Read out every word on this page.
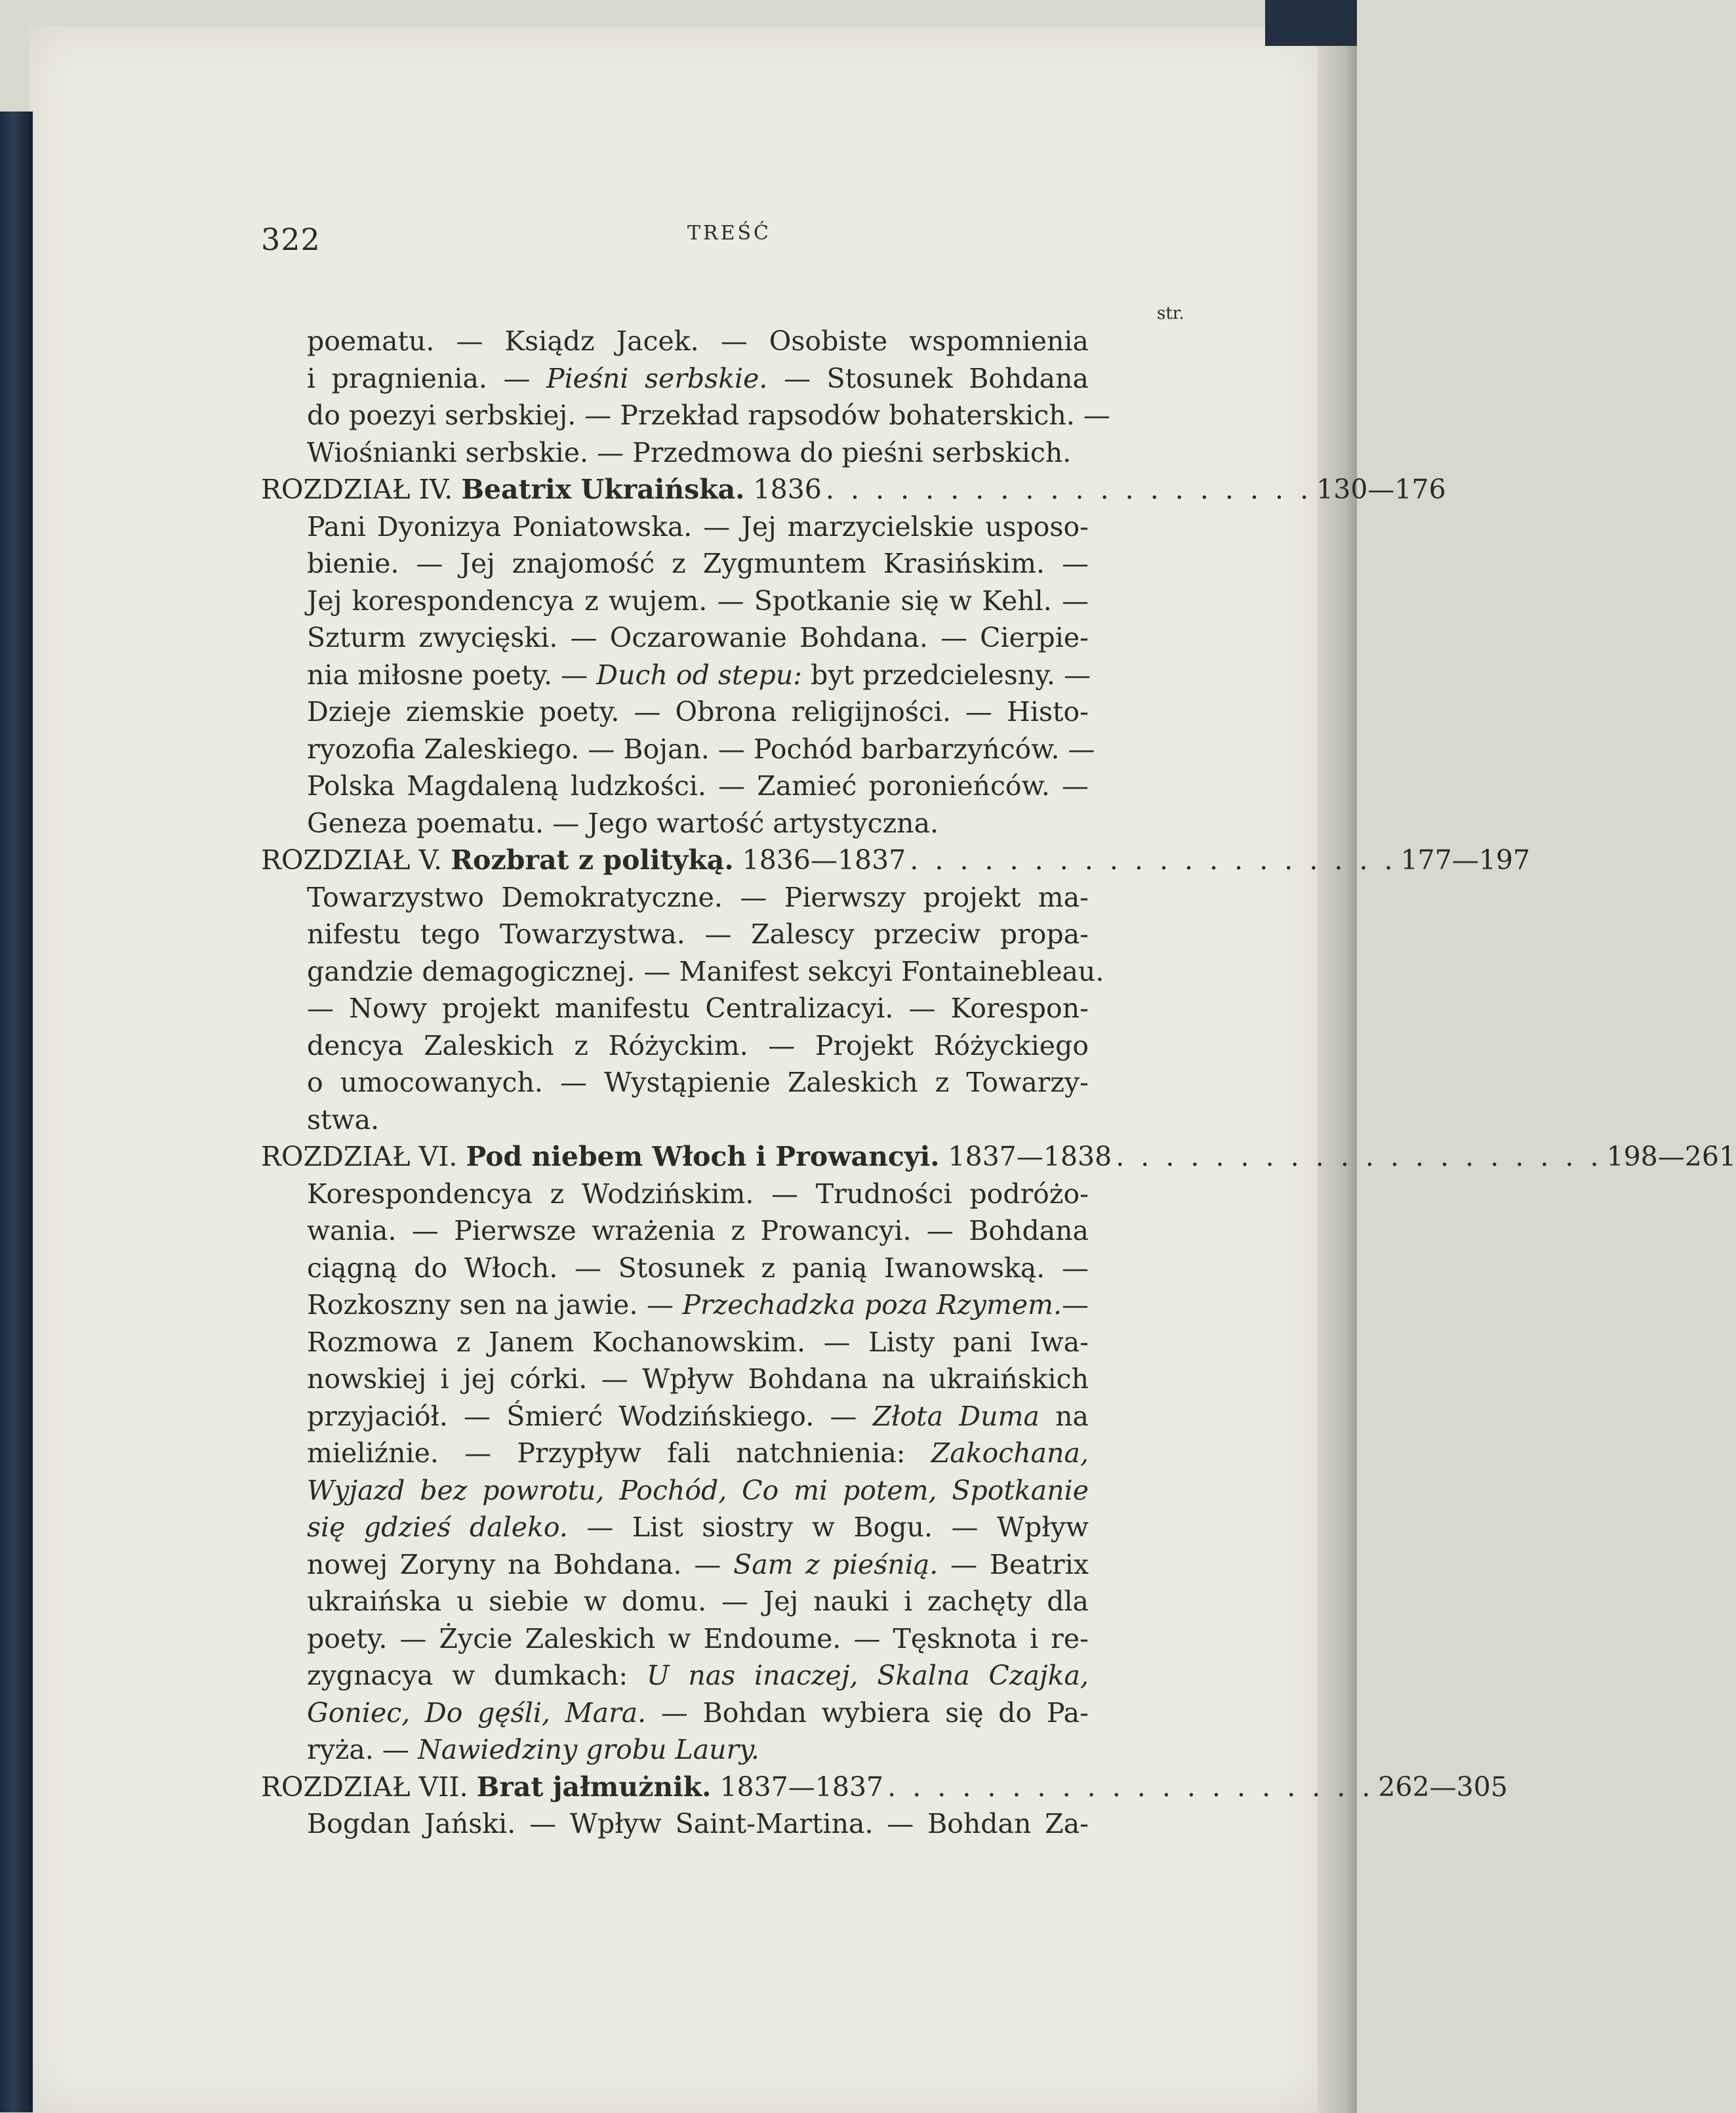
322	TREŚĆ
str.
poematu. — Ksiądz Jacek. — Osobiste wspomnienia
i pragnienia. — Pieśni serbskie. — Stosunek Bohdana
do poezyi serbskiej. — Przekład rapsodów bohaterskich. —
Wiośnianki serbskie. — Przedmowa do pieśni serbskich.
ROZDZIAŁ IV. Beatrix Ukraińska. 1836 . . . . . . . . . . . . . . . . . . . . 130—176
Pani Dyonizya Poniatowska. — Jej marzycielskie usposo-
bienie. — Jej znajomość z Zygmuntem Krasińskim. —
Jej korespondencya z wujem. — Spotkanie się w Kehl. —
Szturm zwycięski. — Oczarowanie Bohdana. — Cierpie-
nia miłosne poety. — Duch od stepu: byt przedcielesny. —
Dzieje ziemskie poety. — Obrona religijności. — Histo-
ryozofia Zaleskiego. — Bojan. — Pochód barbarzyńców. —
Polska Magdaleną ludzkości. — Zamieć poronieńców. —
Geneza poematu. — Jego wartość artystyczna.
ROZDZIAŁ V. Rozbrat z polityką. 1836—1837 . . . . . . . . . . . . . . . . . . . . 177—197
Towarzystwo Demokratyczne. — Pierwszy projekt ma-
nifestu tego Towarzystwa. — Zalescy przeciw propa-
gandzie demagogicznej. — Manifest sekcyi Fontainebleau.
— Nowy projekt manifestu Centralizacyi. — Korespon-
dencya Zaleskich z Różyckim. — Projekt Różyckiego
o umocowanych. — Wystąpienie Zaleskich z Towarzy-
stwa.
ROZDZIAŁ VI. Pod niebem Włoch i Prowancyi. 1837—1838 . . . . . . . . . . . . . . . . . . . . 198—261
Korespondencya z Wodzińskim. — Trudności podróżo-
wania. — Pierwsze wrażenia z Prowancyi. — Bohdana
ciągną do Włoch. — Stosunek z panią Iwanowską. —
Rozkoszny sen na jawie. — Przechadzka poza Rzymem.—
Rozmowa z Janem Kochanowskim. — Listy pani Iwa-
nowskiej i jej córki. — Wpływ Bohdana na ukraińskich
przyjaciół. — Śmierć Wodzińskiego. — Złota Duma na
mieliźnie. — Przypływ fali natchnienia: Zakochana,
Wyjazd bez powrotu, Pochód, Co mi potem, Spotkanie
się gdzieś daleko. — List siostry w Bogu. — Wpływ
nowej Zoryny na Bohdana. — Sam z pieśnią. — Beatrix
ukraińska u siebie w domu. — Jej nauki i zachęty dla
poety. — Życie Zaleskich w Endoume. — Tęsknota i re-
zygnacya w dumkach: U nas inaczej, Skalna Czajka,
Goniec, Do gęśli, Mara. — Bohdan wybiera się do Pa-
ryża. — Nawiedziny grobu Laury.
ROZDZIAŁ VII. Brat jałmużnik. 1837—1837 . . . . . . . . . . . . . . . . . . . . 262—305
Bogdan Jański. — Wpływ Saint-Martina. — Bohdan Za-
